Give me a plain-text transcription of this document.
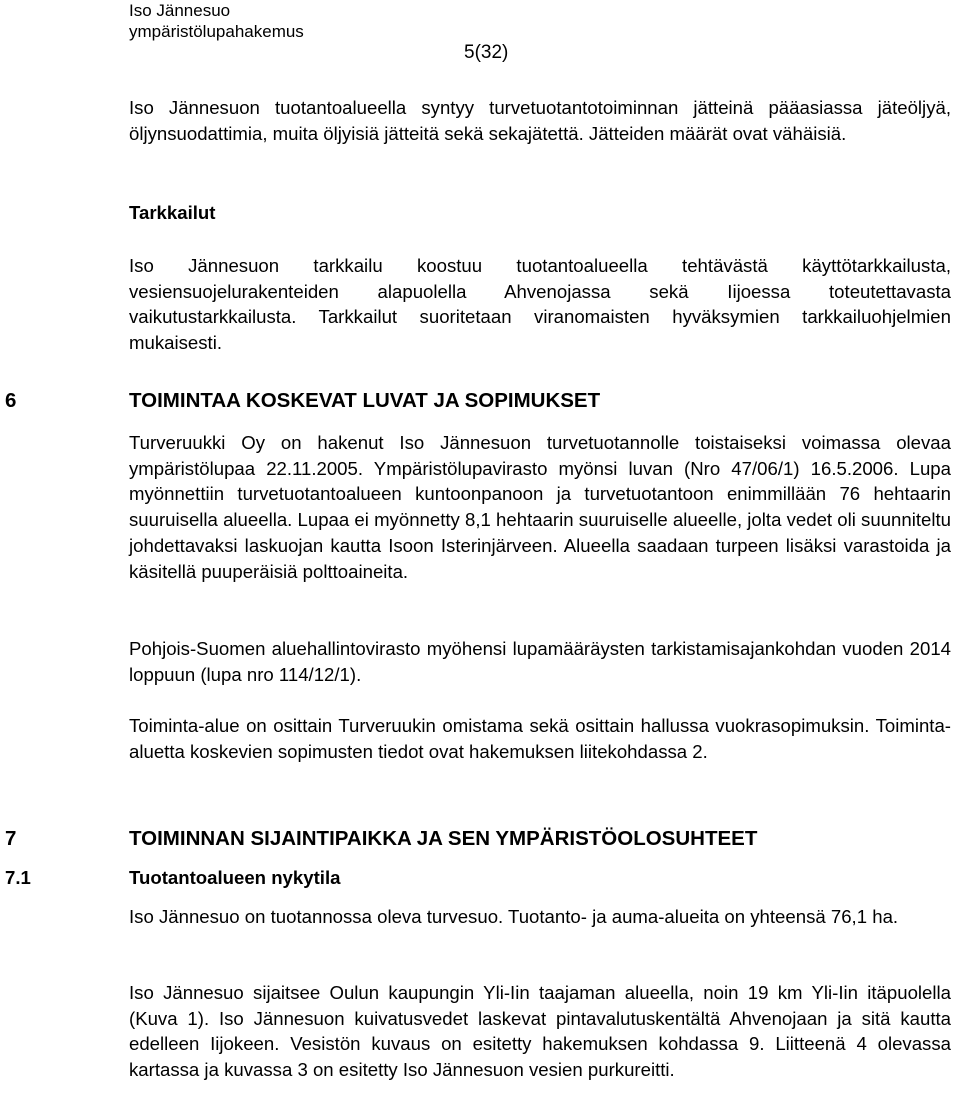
Iso Jännesuo
ympäristölupahakemus
5(32)

Iso Jännesuon tuotantoalueella syntyy turvetuotantotoiminnan jätteinä pääasiassa jäteöljyä, öljynsuodattimia, muita öljyisiä jätteitä sekä sekajätettä. Jätteiden määrät ovat vähäisiä.

Tarkkailut

Iso Jännesuon tarkkailu koostuu tuotantoalueella tehtävästä käyttötarkkailusta, vesiensuojelurakenteiden alapuolella Ahvenojassa sekä Iijoessa toteutettavasta vaikutustarkkailusta. Tarkkailut suoritetaan viranomaisten hyväksymien tarkkailuohjelmien mukaisesti.

6	TOIMINTAA KOSKEVAT LUVAT JA SOPIMUKSET

Turveruukki Oy on hakenut Iso Jännesuon turvetuotannolle toistaiseksi voimassa olevaa ympäristölupaa 22.11.2005. Ympäristölupavirasto myönsi luvan (Nro 47/06/1) 16.5.2006. Lupa myönnettiin turvetuotantoalueen kuntoonpanoon ja turvetuotantoon enimmillään 76 hehtaarin suuruisella alueella. Lupaa ei myönnetty 8,1 hehtaarin suuruiselle alueelle, jolta vedet oli suunniteltu johdettavaksi laskuojan kautta Isoon Isterinjärveen. Alueella saadaan turpeen lisäksi varastoida ja käsitellä puuperäisiä polttoaineita.

Pohjois-Suomen aluehallintovirasto myöhensi lupamääräysten tarkistamisajankohdan vuoden 2014 loppuun (lupa nro 114/12/1).

Toiminta-alue on osittain Turveruukin omistama sekä osittain hallussa vuokrasopimuksin. Toiminta-aluetta koskevien sopimusten tiedot ovat hakemuksen liitekohdassa 2.

7	TOIMINNAN SIJAINTIPAIKKA JA SEN YMPÄRISTÖOLOSUHTEET
7.1	Tuotantoalueen nykytila

Iso Jännesuo on tuotannossa oleva turvesuo. Tuotanto- ja auma-alueita on yhteensä 76,1 ha.

Iso Jännesuo sijaitsee Oulun kaupungin Yli-Iin taajaman alueella, noin 19 km Yli-Iin itäpuolella (Kuva 1). Iso Jännesuon kuivatusvedet laskevat pintavalutuskentältä Ahvenojaan ja sitä kautta edelleen Iijokeen. Vesistön kuvaus on esitetty hakemuksen kohdassa 9. Liitteenä 4 olevassa kartassa ja kuvassa 3 on esitetty Iso Jännesuon vesien purkureitti.
